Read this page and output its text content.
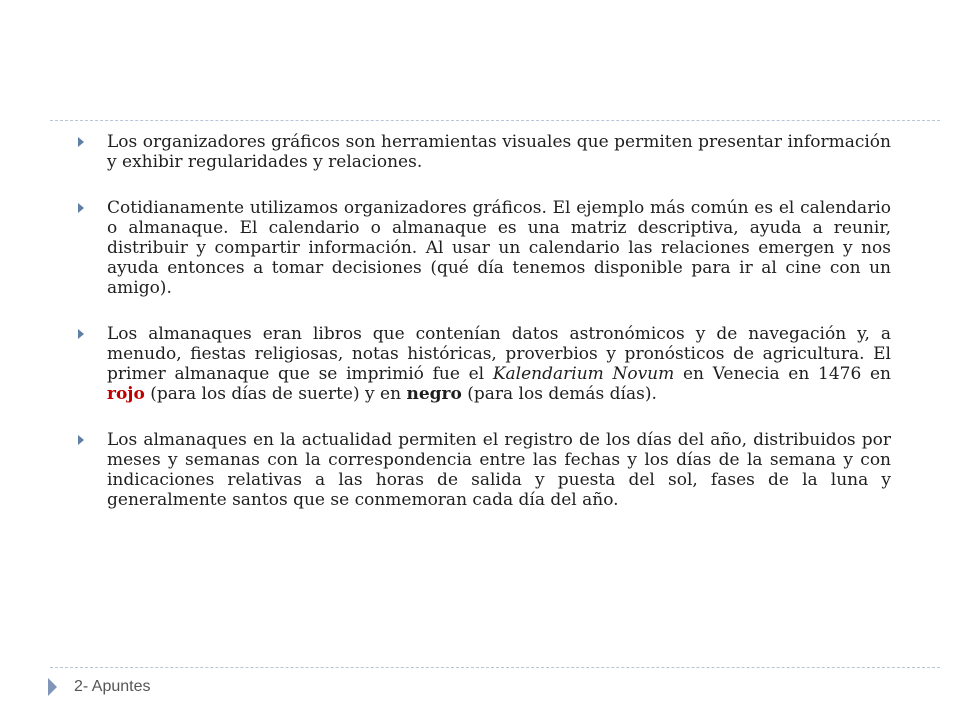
Los organizadores gráficos son herramientas visuales que permiten presentar información y exhibir regularidades y relaciones.
Cotidianamente utilizamos organizadores gráficos. El ejemplo más común es el calendario o almanaque. El calendario o almanaque es una matriz descriptiva, ayuda a reunir, distribuir y compartir información. Al usar un calendario las relaciones emergen y nos ayuda entonces a tomar decisiones (qué día tenemos disponible para ir al cine con un amigo).
Los almanaques eran libros que contenían datos astronómicos y de navegación y, a menudo, fiestas religiosas, notas históricas, proverbios y pronósticos de agricultura. El primer almanaque que se imprimió fue el Kalendarium Novum en Venecia en 1476 en rojo (para los días de suerte) y en negro (para los demás días).
Los almanaques en la actualidad permiten el registro de los días del año, distribuidos por meses y semanas con la correspondencia entre las fechas y los días de la semana y con indicaciones relativas a las horas de salida y puesta del sol, fases de la luna y generalmente santos que se conmemoran cada día del año.
2- Apuntes
